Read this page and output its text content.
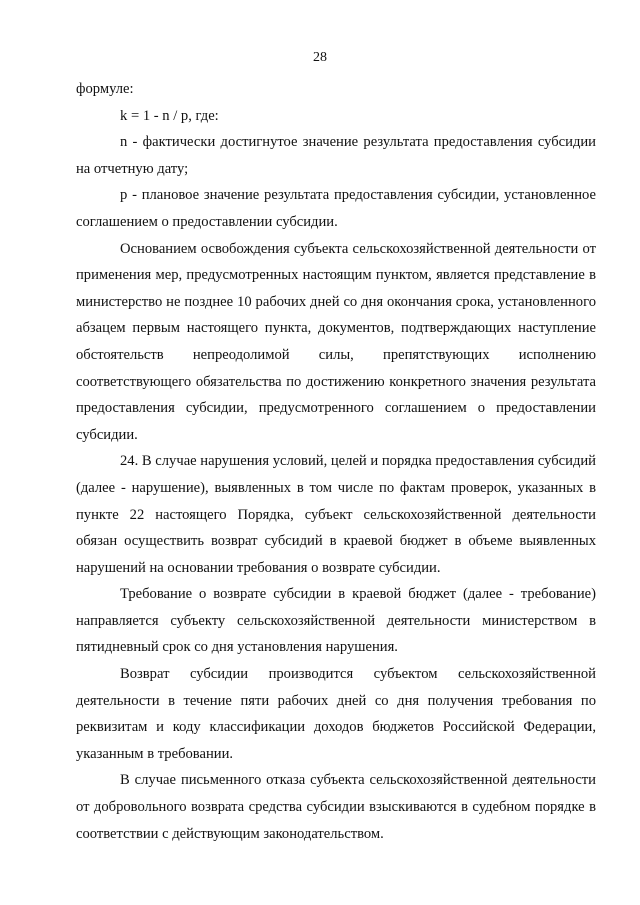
28

формуле:

k = 1 - n / p, где:

n - фактически достигнутое значение результата предоставления субсидии на отчетную дату;

p - плановое значение результата предоставления субсидии, установленное соглашением о предоставлении субсидии.

Основанием освобождения субъекта сельскохозяйственной деятельности от применения мер, предусмотренных настоящим пунктом, является представление в министерство не позднее 10 рабочих дней со дня окончания срока, установленного абзацем первым настоящего пункта, документов, подтверждающих наступление обстоятельств непреодолимой силы, препятствующих исполнению соответствующего обязательства по достижению конкретного значения результата предоставления субсидии, предусмотренного соглашением о предоставлении субсидии.

24. В случае нарушения условий, целей и порядка предоставления субсидий (далее - нарушение), выявленных в том числе по фактам проверок, указанных в пункте 22 настоящего Порядка, субъект сельскохозяйственной деятельности обязан осуществить возврат субсидий в краевой бюджет в объеме выявленных нарушений на основании требования о возврате субсидии.

Требование о возврате субсидии в краевой бюджет (далее - требование) направляется субъекту сельскохозяйственной деятельности министерством в пятидневный срок со дня установления нарушения.

Возврат субсидии производится субъектом сельскохозяйственной деятельности в течение пяти рабочих дней со дня получения требования по реквизитам и коду классификации доходов бюджетов Российской Федерации, указанным в требовании.

В случае письменного отказа субъекта сельскохозяйственной деятельности от добровольного возврата средства субсидии взыскиваются в судебном порядке в соответствии с действующим законодательством.
